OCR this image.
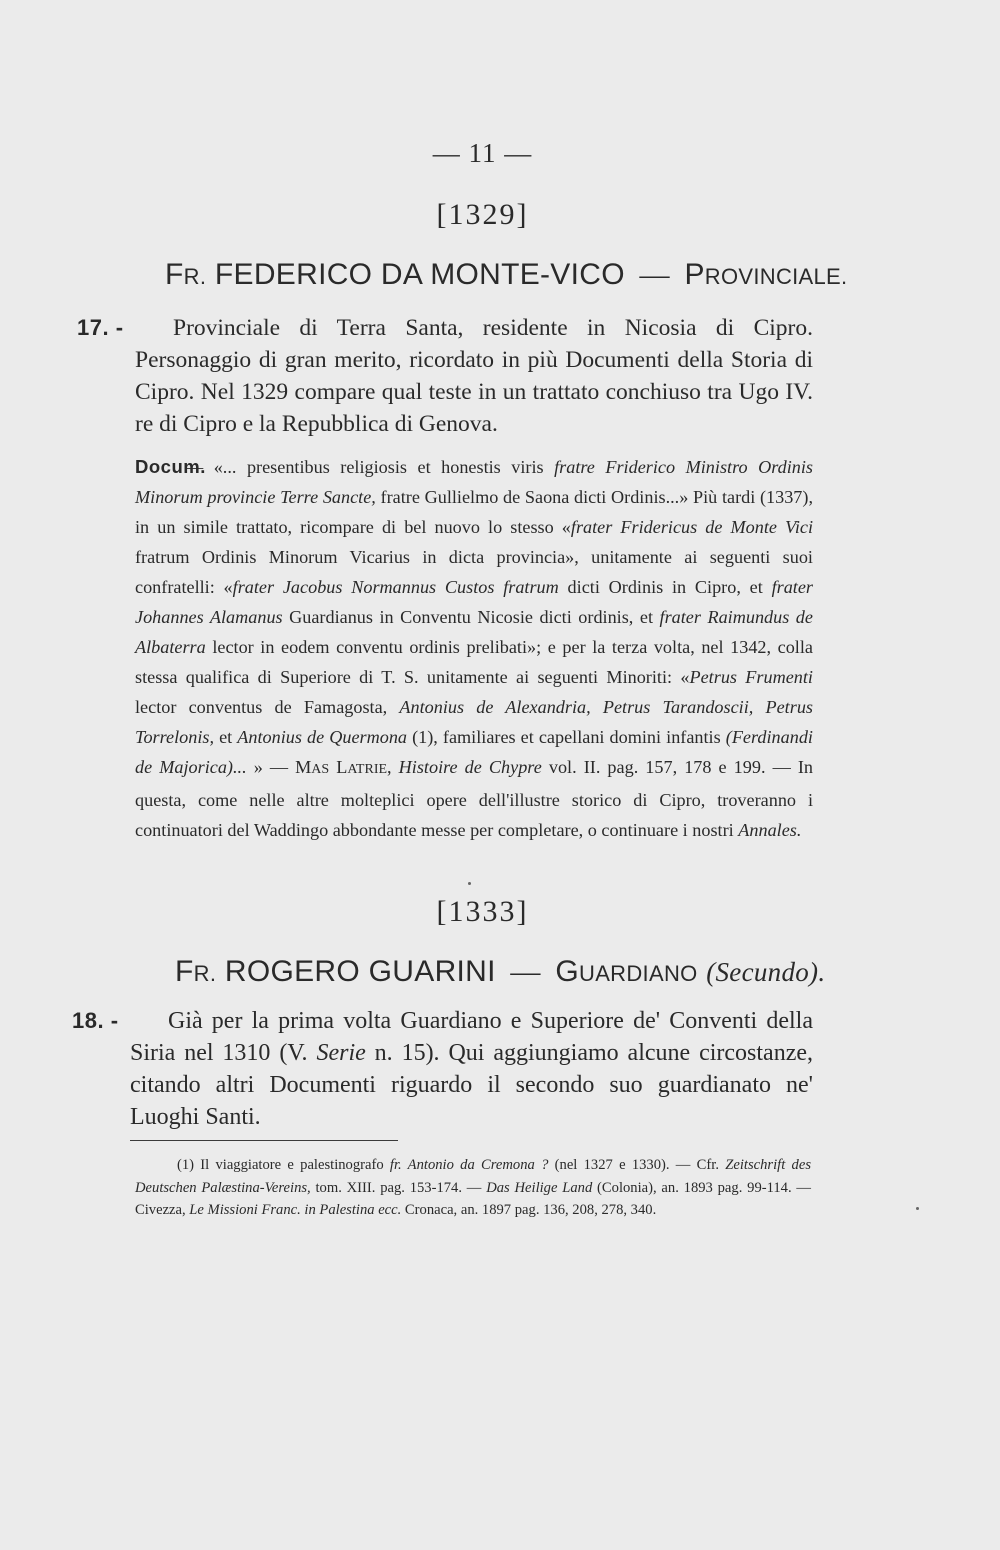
— 11 —
[1329]
FR. FEDERICO DA MONTE-VICO — PROVINCIALE.

17. - Provinciale di Terra Santa, residente in Nicosia di Cipro. Personaggio di gran merito, ricordato in più Documenti della Storia di Cipro. Nel 1329 compare qual teste in un trattato conchiuso tra Ugo IV. re di Cipro e la Repubblica di Genova.

Docum.
— «... presentibus religiosis et honestis viris fratre Friderico Ministro Ordinis Minorum provincie Terre Sancte, fratre Gullielmo de Saona dicti Ordinis...» Più tardi (1337), in un simile trattato, ricompare di bel nuovo lo stesso «frater Fridericus de Monte Vici fratrum Ordinis Minorum Vicarius in dicta provincia», unitamente ai seguenti suoi confratelli: «frater Jacobus Normannus Custos fratrum dicti Ordinis in Cipro, et frater Johannes Alamanus Guardianus in Conventu Nicosie dicti ordinis, et frater Raimundus de Albaterra lector in eodem conventu ordinis prelibati»; e per la terza volta, nel 1342, colla stessa qualifica di Superiore di T. S. unitamente ai seguenti Minoriti: «Petrus Frumenti lector conventus de Famagosta, Antonius de Alexandria, Petrus Tarandoscii, Petrus Torrelonis, et Antonius de Quermona (1), familiares et capellani domini infantis (Ferdinandi de Majorica)... » — MAS LATRIE, Histoire de Chypre vol. II. pag. 157, 178 e 199. — In questa, come nelle altre molteplici opere dell'illustre storico di Cipro, troveranno i continuatori del Waddingo abbondante messe per completare, o continuare i nostri Annales.

[1333]
FR. ROGERO GUARINI — GUARDIANO (Secundo).

18. - Già per la prima volta Guardiano e Superiore de' Conventi della Siria nel 1310 (V. Serie n. 15). Qui aggiungiamo alcune circostanze, citando altri Documenti riguardo il secondo suo guardianato ne' Luoghi Santi.

(1) Il viaggiatore e palestinografo fr. Antonio da Cremona ? (nel 1327 e 1330). — Cfr. Zeitschrift des Deutschen Palæstina-Vereins, tom. XIII. pag. 153-174. — Das Heilige Land (Colonia), an. 1893 pag. 99-114. — Civezza, Le Missioni Franc. in Palestina ecc. Cronaca, an. 1897 pag. 136, 208, 278, 340.
